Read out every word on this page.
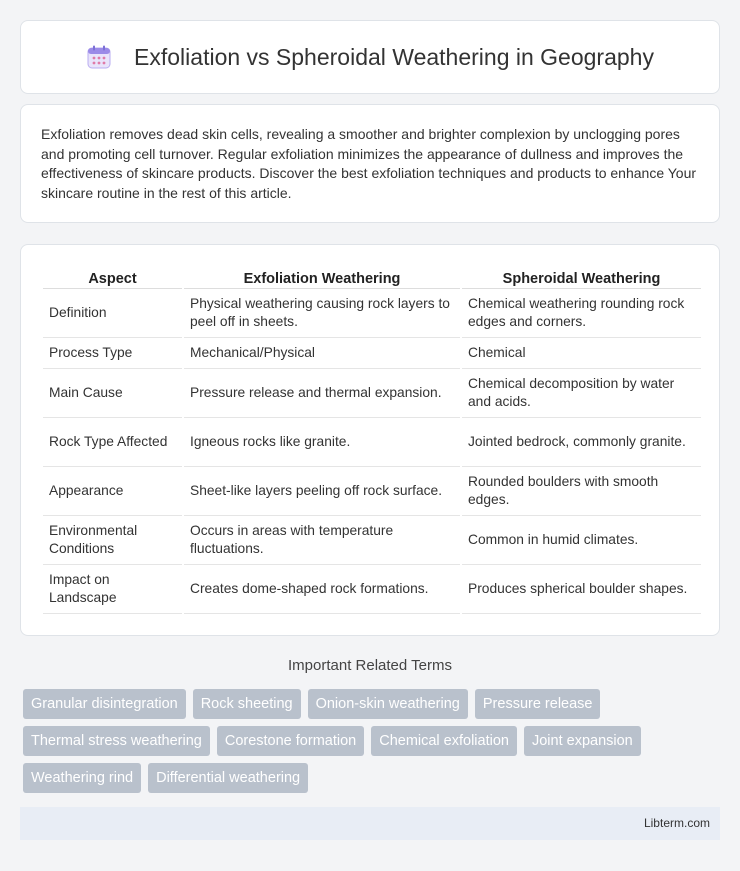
Exfoliation vs Spheroidal Weathering in Geography

Exfoliation removes dead skin cells, revealing a smoother and brighter complexion by unclogging pores and promoting cell turnover. Regular exfoliation minimizes the appearance of dullness and improves the effectiveness of skincare products. Discover the best exfoliation techniques and products to enhance Your skincare routine in the rest of this article.

Aspect	Exfoliation Weathering	Spheroidal Weathering
Definition	Physical weathering causing rock layers to peel off in sheets.	Chemical weathering rounding rock edges and corners.
Process Type	Mechanical/Physical	Chemical
Main Cause	Pressure release and thermal expansion.	Chemical decomposition by water and acids.
Rock Type Affected	Igneous rocks like granite.	Jointed bedrock, commonly granite.
Appearance	Sheet-like layers peeling off rock surface.	Rounded boulders with smooth edges.
Environmental Conditions	Occurs in areas with temperature fluctuations.	Common in humid climates.
Impact on Landscape	Creates dome-shaped rock formations.	Produces spherical boulder shapes.
Important Related Terms
Granular disintegration	Rock sheeting	Onion-skin weathering	Pressure release
Thermal stress weathering	Corestone formation	Chemical exfoliation	Joint expansion
Weathering rind	Differential weathering
Libterm.com
